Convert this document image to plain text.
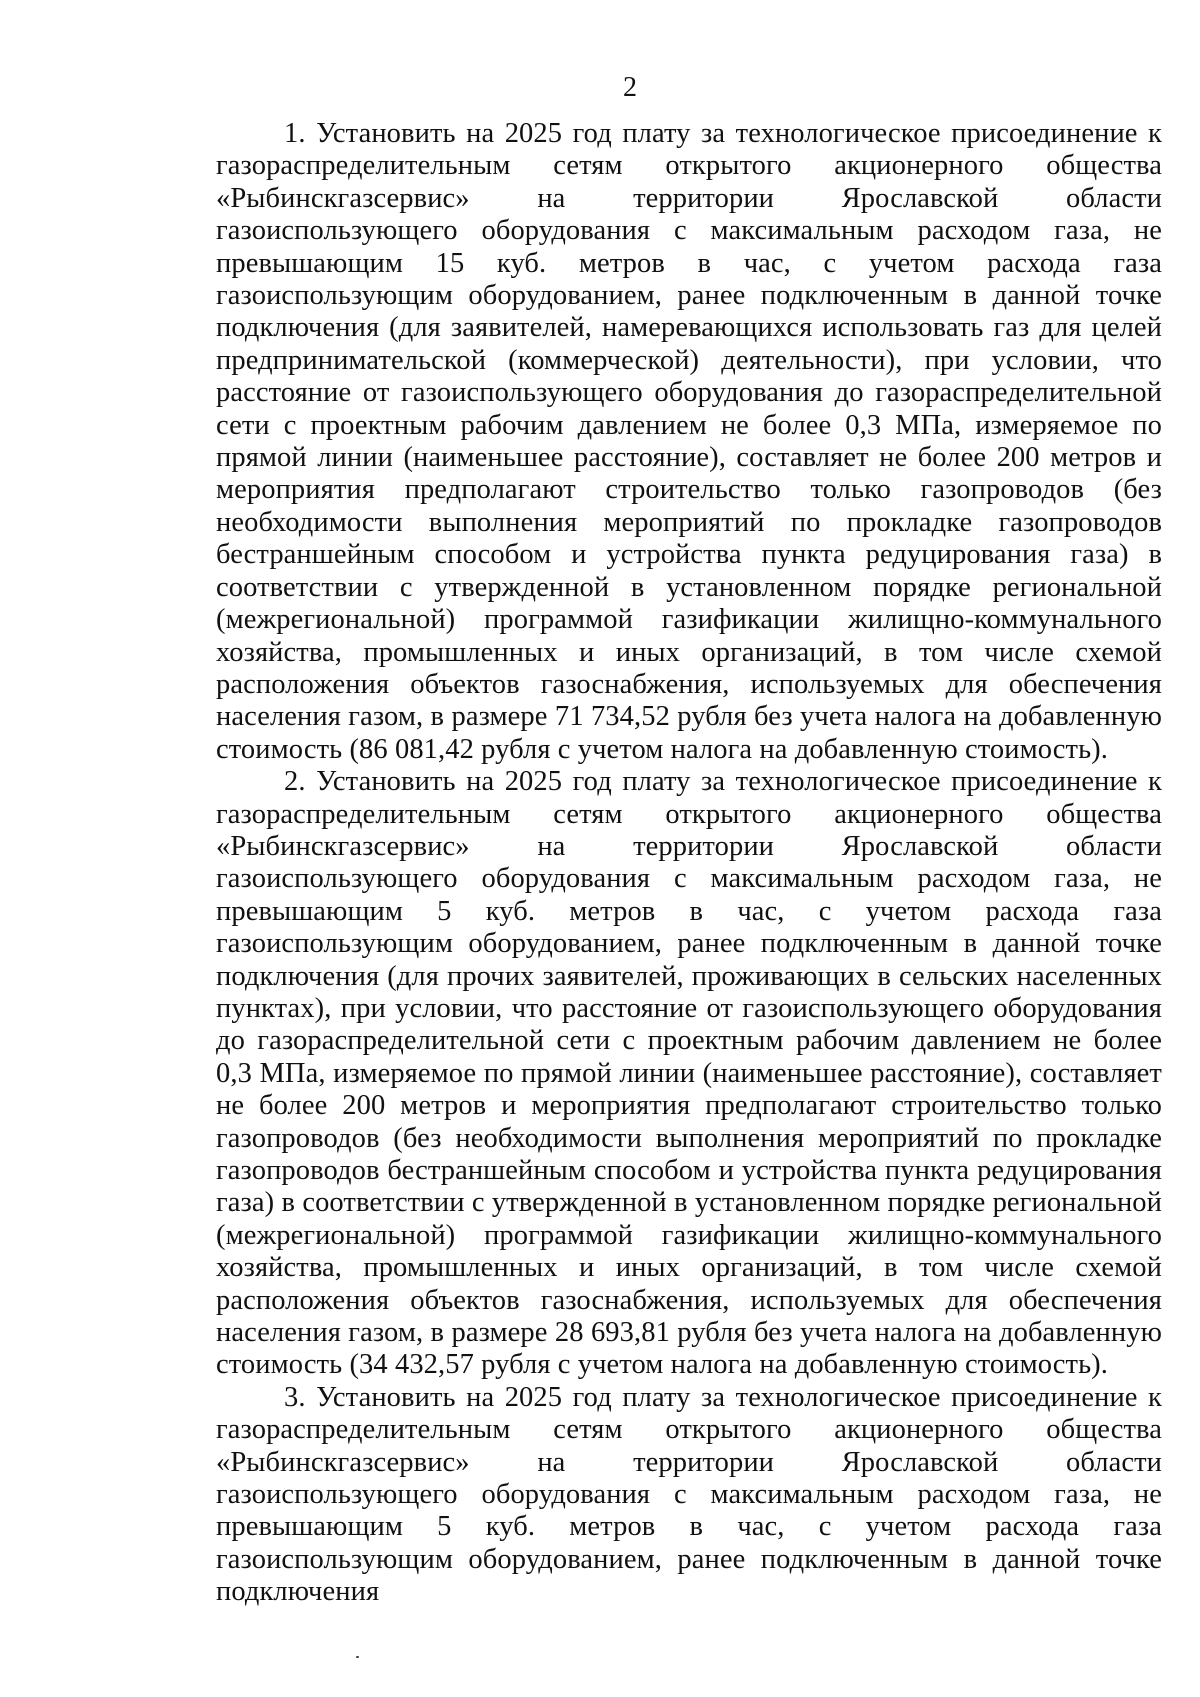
2

1. Установить на 2025 год плату за технологическое присоединение к газораспределительным сетям открытого акционерного общества «Рыбинскгазсервис» на территории Ярославской области газоиспользующего оборудования с максимальным расходом газа, не превышающим 15 куб. метров в час, с учетом расхода газа газоиспользующим оборудованием, ранее подключенным в данной точке подключения (для заявителей, намеревающихся использовать газ для целей предпринимательской (коммерческой) деятельности), при условии, что расстояние от газоиспользующего оборудования до газораспределительной сети с проектным рабочим давлением не более 0,3 МПа, измеряемое по прямой линии (наименьшее расстояние), составляет не более 200 метров и мероприятия предполагают строительство только газопроводов (без необходимости выполнения мероприятий по прокладке газопроводов бестраншейным способом и устройства пункта редуцирования газа) в соответствии с утвержденной в установленном порядке региональной (межрегиональной) программой газификации жилищно-коммунального хозяйства, промышленных и иных организаций, в том числе схемой расположения объектов газоснабжения, используемых для обеспечения населения газом, в размере 71 734,52 рубля без учета налога на добавленную стоимость (86 081,42 рубля с учетом налога на добавленную стоимость).

2. Установить на 2025 год плату за технологическое присоединение к газораспределительным сетям открытого акционерного общества «Рыбинскгазсервис» на территории Ярославской области газоиспользующего оборудования с максимальным расходом газа, не превышающим 5 куб. метров в час, с учетом расхода газа газоиспользующим оборудованием, ранее подключенным в данной точке подключения (для прочих заявителей, проживающих в сельских населенных пунктах), при условии, что расстояние от газоиспользующего оборудования до газораспределительной сети с проектным рабочим давлением не более 0,3 МПа, измеряемое по прямой линии (наименьшее расстояние), составляет не более 200 метров и мероприятия предполагают строительство только газопроводов (без необходимости выполнения мероприятий по прокладке газопроводов бестраншейным способом и устройства пункта редуцирования газа) в соответствии с утвержденной в установленном порядке региональной (межрегиональной) программой газификации жилищно-коммунального хозяйства, промышленных и иных организаций, в том числе схемой расположения объектов газоснабжения, используемых для обеспечения населения газом, в размере 28 693,81 рубля без учета налога на добавленную стоимость (34 432,57 рубля с учетом налога на добавленную стоимость).

3. Установить на 2025 год плату за технологическое присоединение к газораспределительным сетям открытого акционерного общества «Рыбинскгазсервис» на территории Ярославской области газоиспользующего оборудования с максимальным расходом газа, не превышающим 5 куб. метров в час, с учетом расхода газа газоиспользующим оборудованием, ранее подключенным в данной точке подключения
